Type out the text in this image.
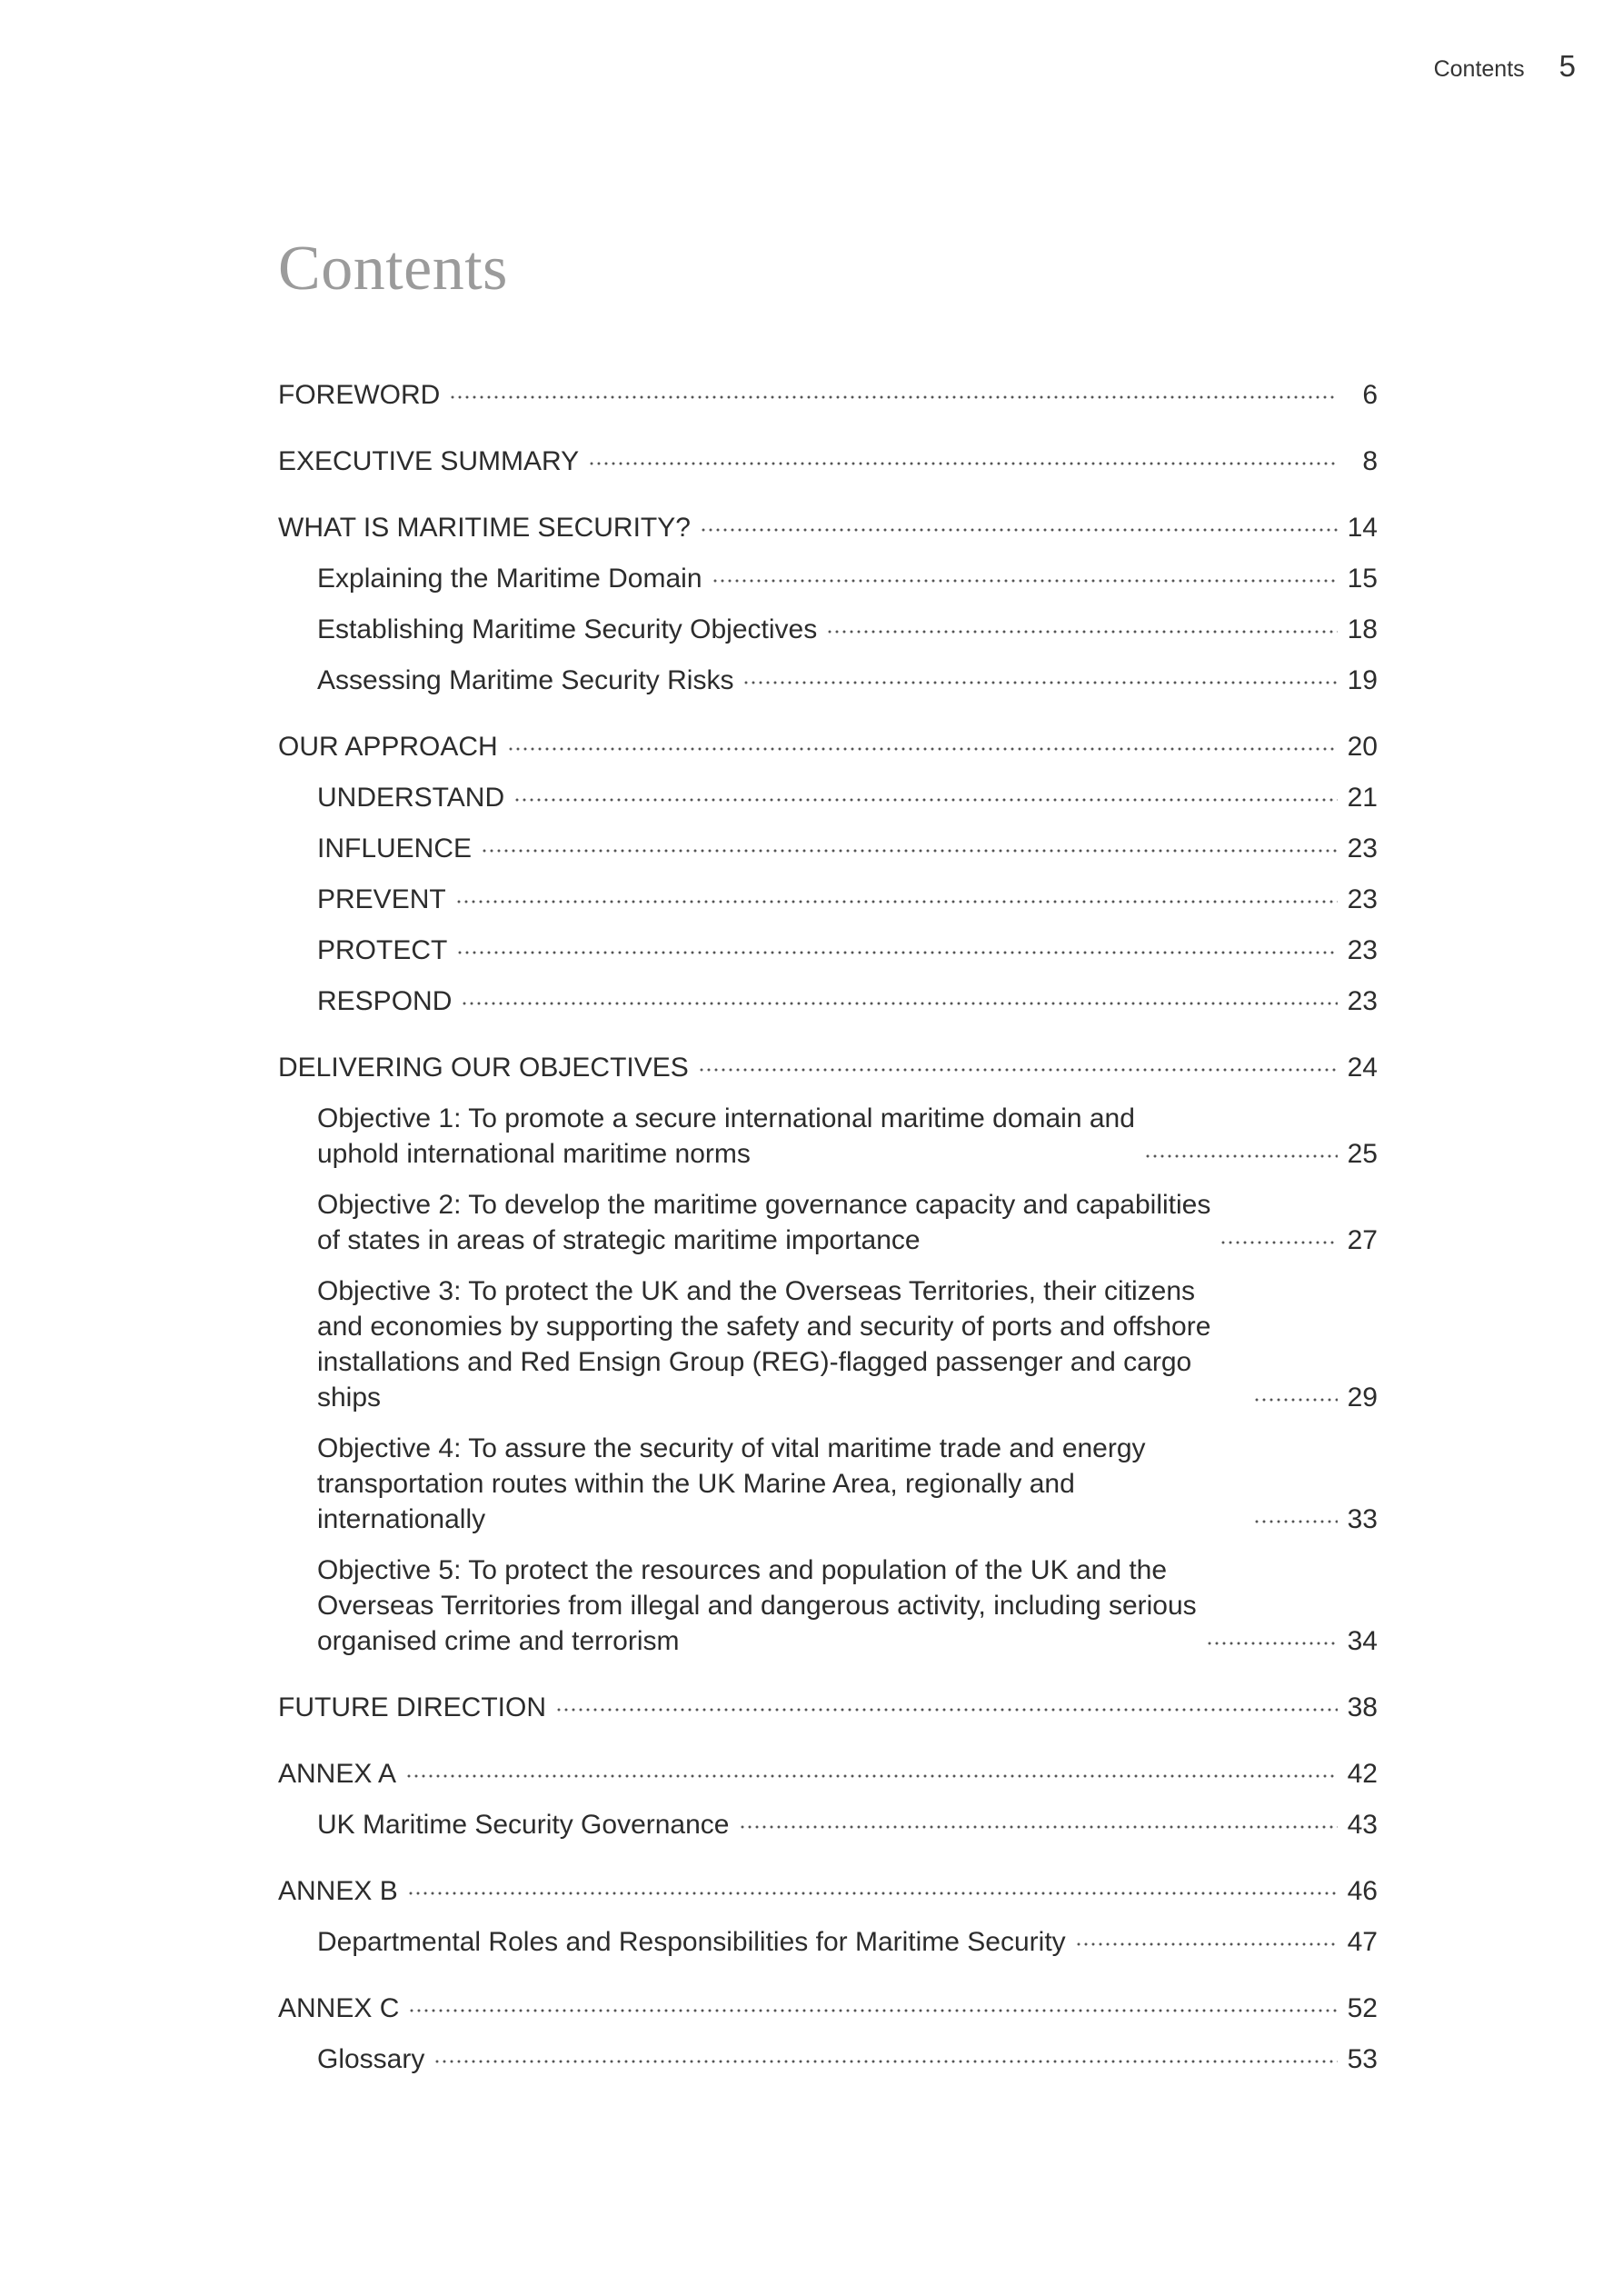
Contents 5
Contents
FOREWORD	6
EXECUTIVE SUMMARY	8
WHAT IS MARITIME SECURITY?	14
Explaining the Maritime Domain	15
Establishing Maritime Security Objectives	18
Assessing Maritime Security Risks	19
OUR APPROACH	20
UNDERSTAND	21
INFLUENCE	23
PREVENT	23
PROTECT	23
RESPOND	23
DELIVERING OUR OBJECTIVES	24
Objective 1: To promote a secure international maritime domain and
uphold international maritime norms	25
Objective 2: To develop the maritime governance capacity and capabilities
of states in areas of strategic maritime importance	27
Objective 3: To protect the UK and the Overseas Territories, their citizens
and economies by supporting the safety and security of ports and offshore
installations and Red Ensign Group (REG)-flagged passenger and cargo ships	29
Objective 4: To assure the security of vital maritime trade and energy
transportation routes within the UK Marine Area, regionally and internationally	33
Objective 5: To protect the resources and population of the UK and the
Overseas Territories from illegal and dangerous activity, including serious
organised crime and terrorism	34
FUTURE DIRECTION	38
ANNEX A	42
UK Maritime Security Governance	43
ANNEX B	46
Departmental Roles and Responsibilities for Maritime Security	47
ANNEX C	52
Glossary	53
